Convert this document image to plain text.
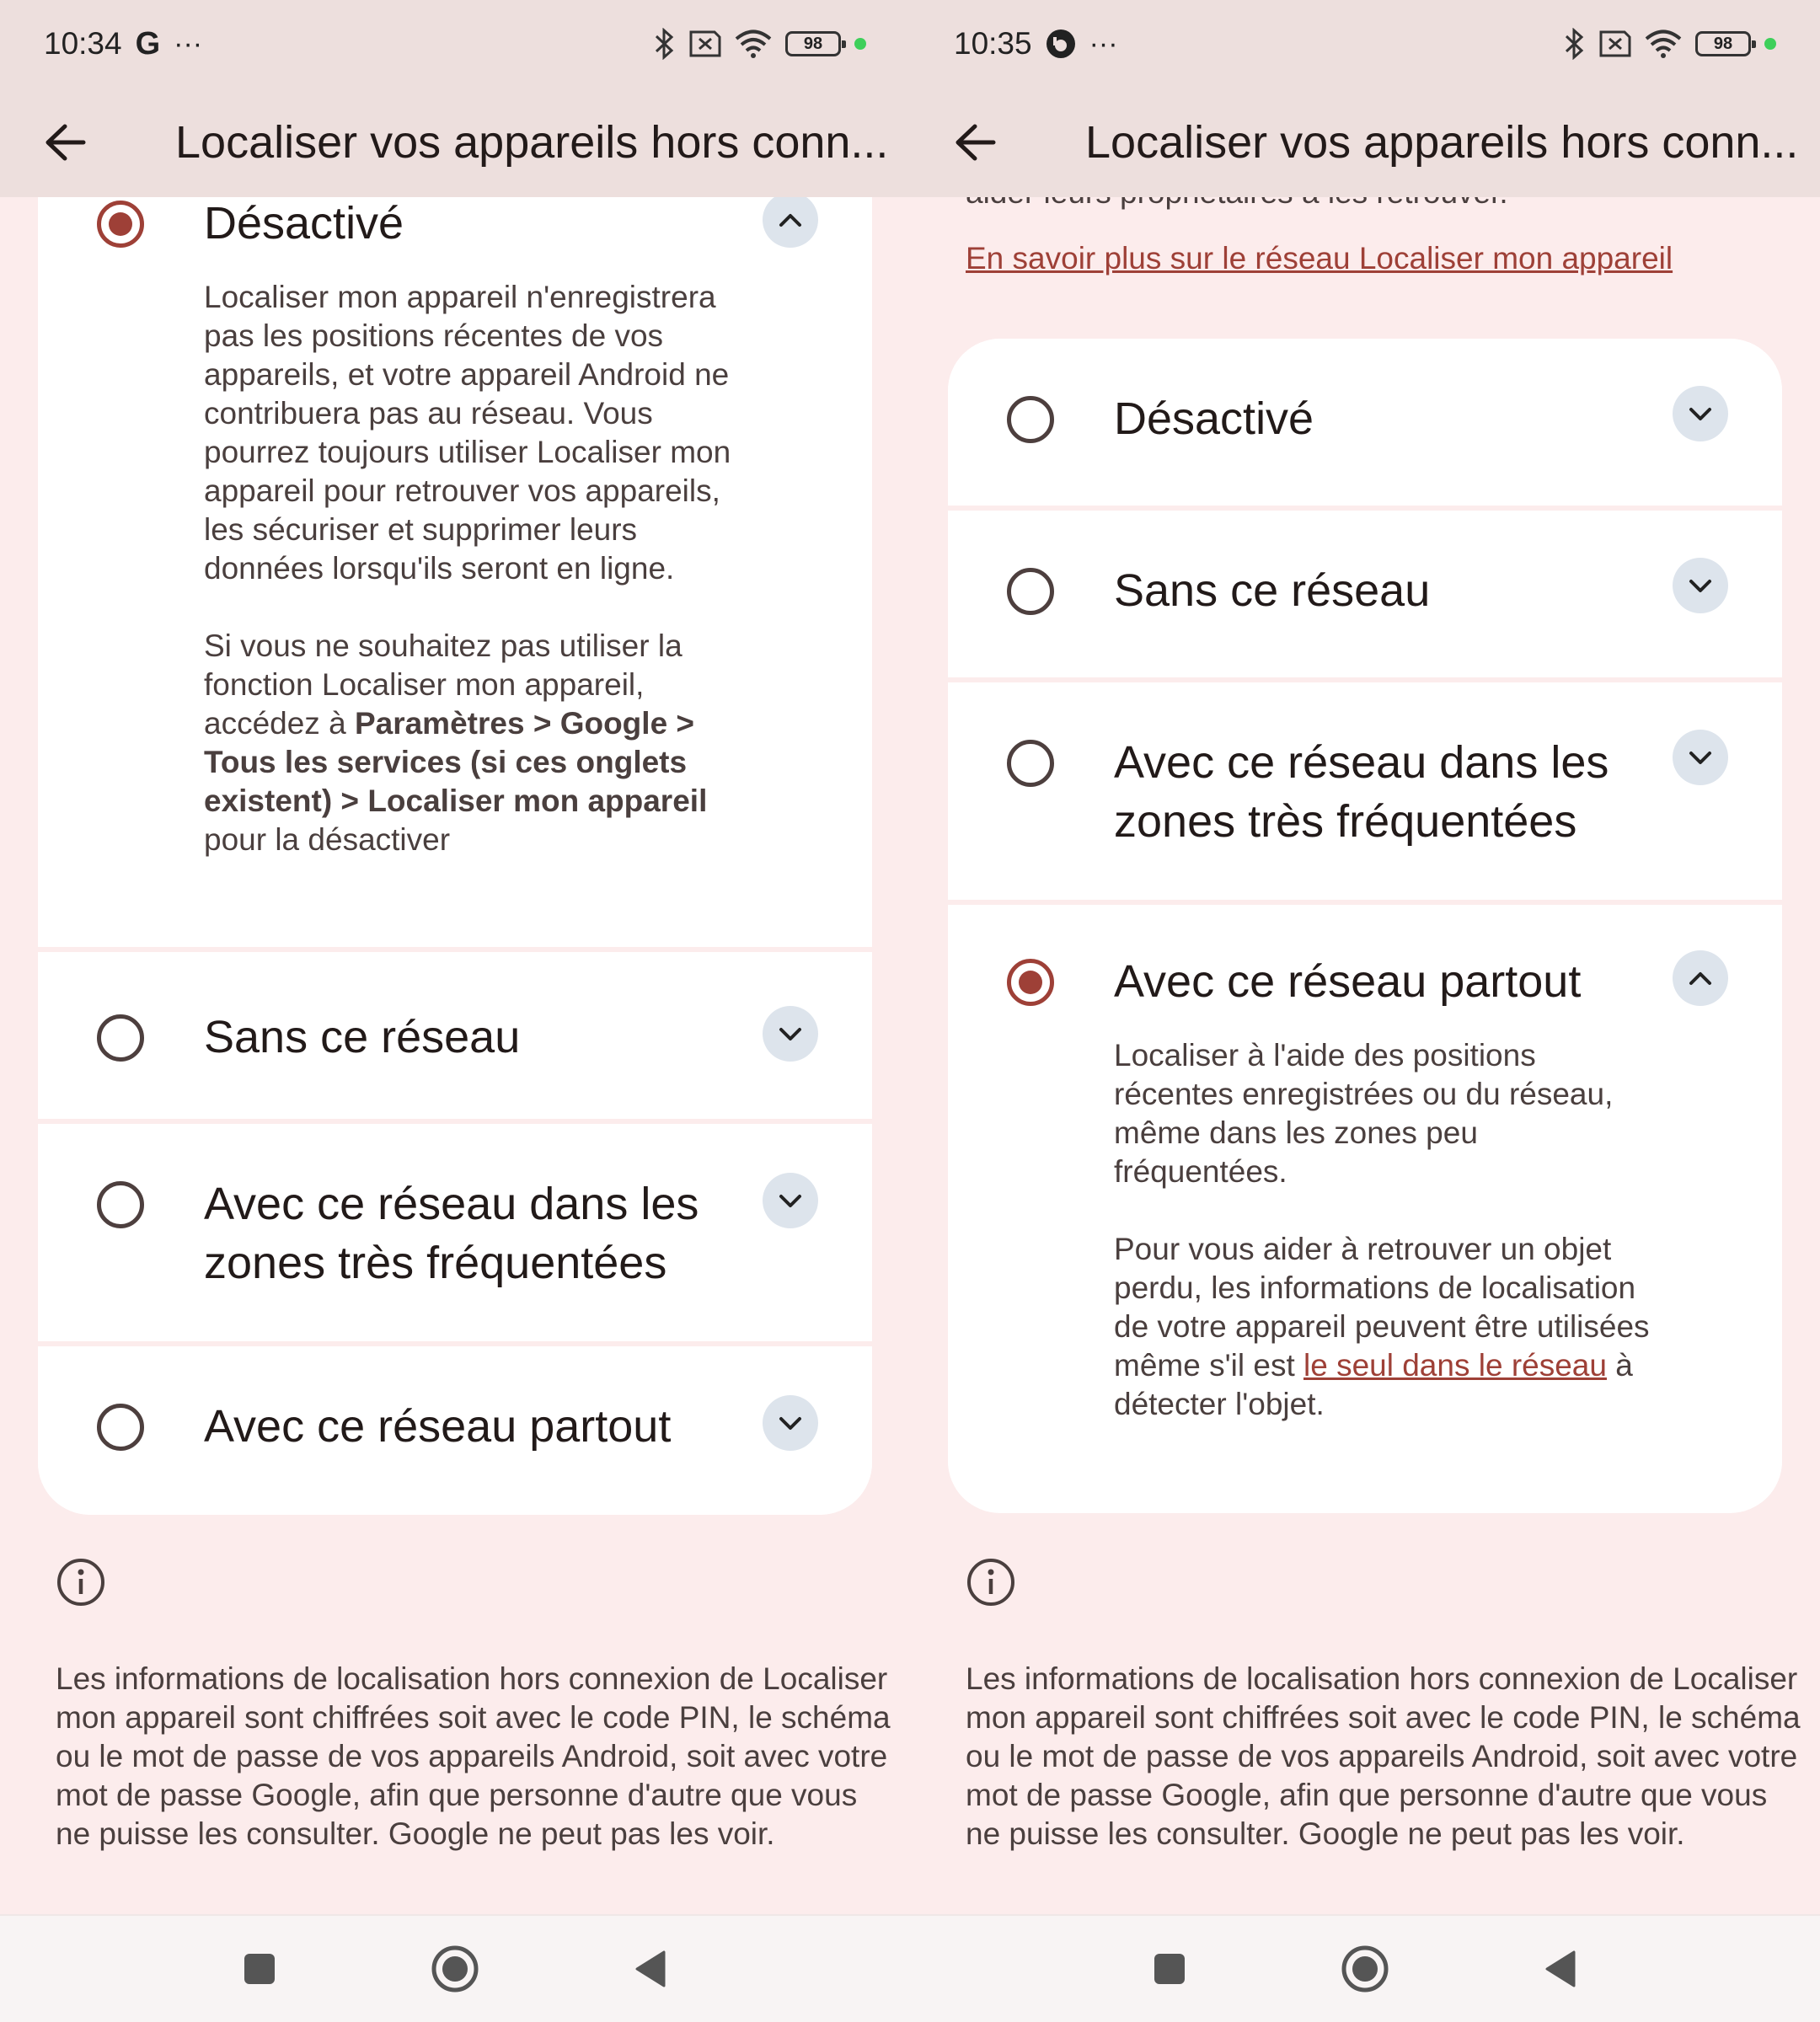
10:34 G ···	98
Localiser vos appareils hors conn...
Désactivé

Localiser mon appareil n'enregistrera pas les positions récentes de vos appareils, et votre appareil Android ne contribuera pas au réseau. Vous pourrez toujours utiliser Localiser mon appareil pour retrouver vos appareils, les sécuriser et supprimer leurs données lorsqu'ils seront en ligne.

Si vous ne souhaitez pas utiliser la fonction Localiser mon appareil, accédez à Paramètres > Google > Tous les services (si ces onglets existent) > Localiser mon appareil pour la désactiver

Sans ce réseau
Avec ce réseau dans les zones très fréquentées
Avec ce réseau partout
Les informations de localisation hors connexion de Localiser mon appareil sont chiffrées soit avec le code PIN, le schéma ou le mot de passe de vos appareils Android, soit avec votre mot de passe Google, afin que personne d'autre que vous ne puisse les consulter. Google ne peut pas les voir.
10:35 ···	98
Localiser vos appareils hors conn...
En savoir plus sur le réseau Localiser mon appareil
Désactivé
Sans ce réseau
Avec ce réseau dans les zones très fréquentées
Avec ce réseau partout

Localiser à l'aide des positions récentes enregistrées ou du réseau, même dans les zones peu fréquentées.

Pour vous aider à retrouver un objet perdu, les informations de localisation de votre appareil peuvent être utilisées même s'il est le seul dans le réseau à détecter l'objet.

Les informations de localisation hors connexion de Localiser mon appareil sont chiffrées soit avec le code PIN, le schéma ou le mot de passe de vos appareils Android, soit avec votre mot de passe Google, afin que personne d'autre que vous ne puisse les consulter. Google ne peut pas les voir.
